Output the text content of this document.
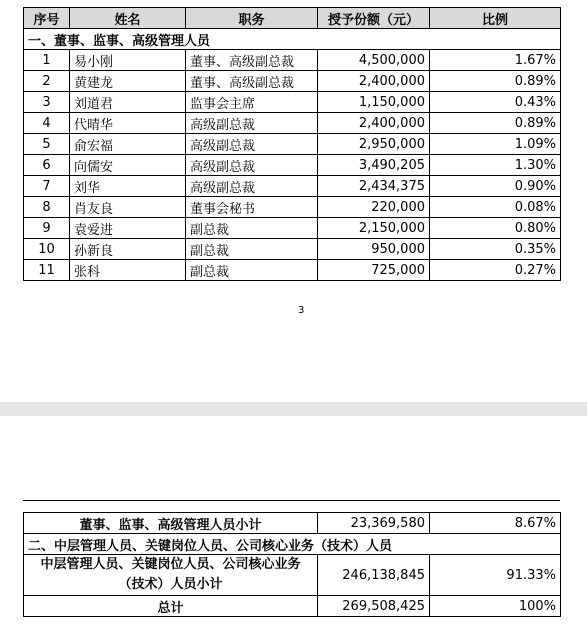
序号	姓名	职务	授予份额（元）	比例
一、董事、监事、高级管理人员				
1	易小刚	董事、高级副总裁	4,500,000	1.67%
2	黄建龙	董事、高级副总裁	2,400,000	0.89%
3	刘道君	监事会主席	1,150,000	0.43%
4	代晴华	高级副总裁	2,400,000	0.89%
5	俞宏福	高级副总裁	2,950,000	1.09%
6	向儒安	高级副总裁	3,490,205	1.30%
7	刘华	高级副总裁	2,434,375	0.90%
8	肖友良	董事会秘书	220,000	0.08%
9	袁爱进	副总裁	2,150,000	0.80%
10	孙新良	副总裁	950,000	0.35%
11	张科	副总裁	725,000	0.27%
3
董事、监事、高级管理人员小计	23,369,580	8.67%
二、中层管理人员、关键岗位人员、公司核心业务（技术）人员		

中层管理人员、关键岗位人员、公司核心业务
（技术）人员小计	246,138,845	91.33%
总计	269,508,425	100%
